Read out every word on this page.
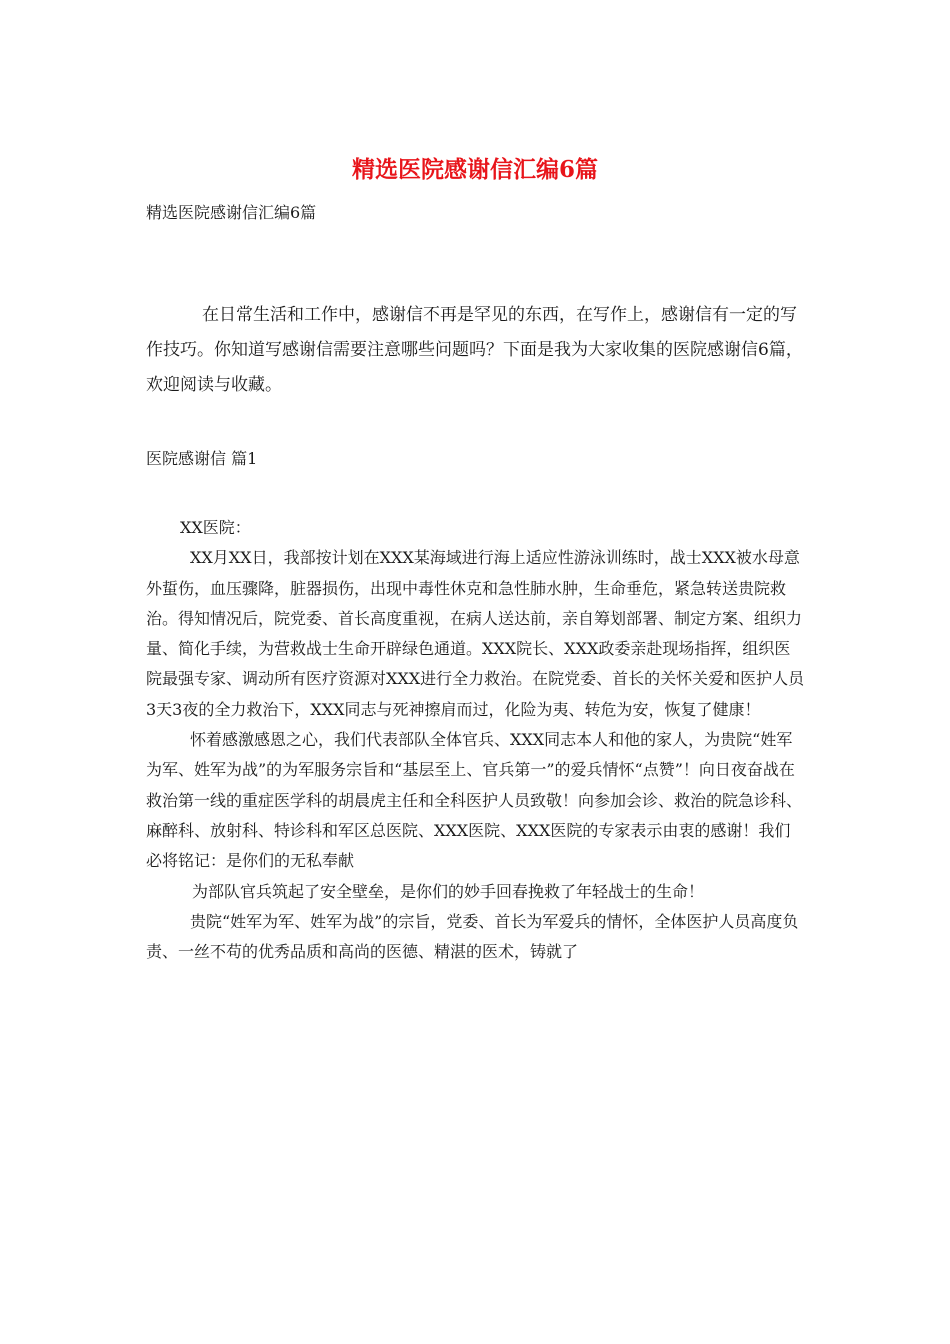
精选医院感谢信汇编6篇
精选医院感谢信汇编6篇

在日常生活和工作中，感谢信不再是罕见的东西，在写作上，感谢信有一定的写作技巧。你知道写感谢信需要注意哪些问题吗？下面是我为大家收集的医院感谢信6篇，欢迎阅读与收藏。

医院感谢信 篇1

XX医院：

XX月XX日，我部按计划在XXX某海域进行海上适应性游泳训练时，战士XXX被水母意外蜇伤，血压骤降，脏器损伤，出现中毒性休克和急性肺水肿，生命垂危，紧急转送贵院救治。得知情况后，院党委、首长高度重视，在病人送达前，亲自筹划部署、制定方案、组织力量、简化手续，为营救战士生命开辟绿色通道。XXX院长、XXX政委亲赴现场指挥，组织医院最强专家、调动所有医疗资源对XXX进行全力救治。在院党委、首长的关怀关爱和医护人员3天3夜的全力救治下，XXX同志与死神擦肩而过，化险为夷、转危为安，恢复了健康！

怀着感激感恩之心，我们代表部队全体官兵、XXX同志本人和他的家人，为贵院“姓军为军、姓军为战”的为军服务宗旨和“基层至上、官兵第一”的爱兵情怀“点赞”！向日夜奋战在救治第一线的重症医学科的胡晨虎主任和全科医护人员致敬！向参加会诊、救治的院急诊科、麻醉科、放射科、特诊科和军区总医院、XXX医院、XXX医院的专家表示由衷的感谢！我们必将铭记：是你们的无私奉献

为部队官兵筑起了安全壁垒，是你们的妙手回春挽救了年轻战士的生命！

贵院“姓军为军、姓军为战”的宗旨，党委、首长为军爱兵的情怀，全体医护人员高度负责、一丝不苟的优秀品质和高尚的医德、精湛的医术，铸就了
